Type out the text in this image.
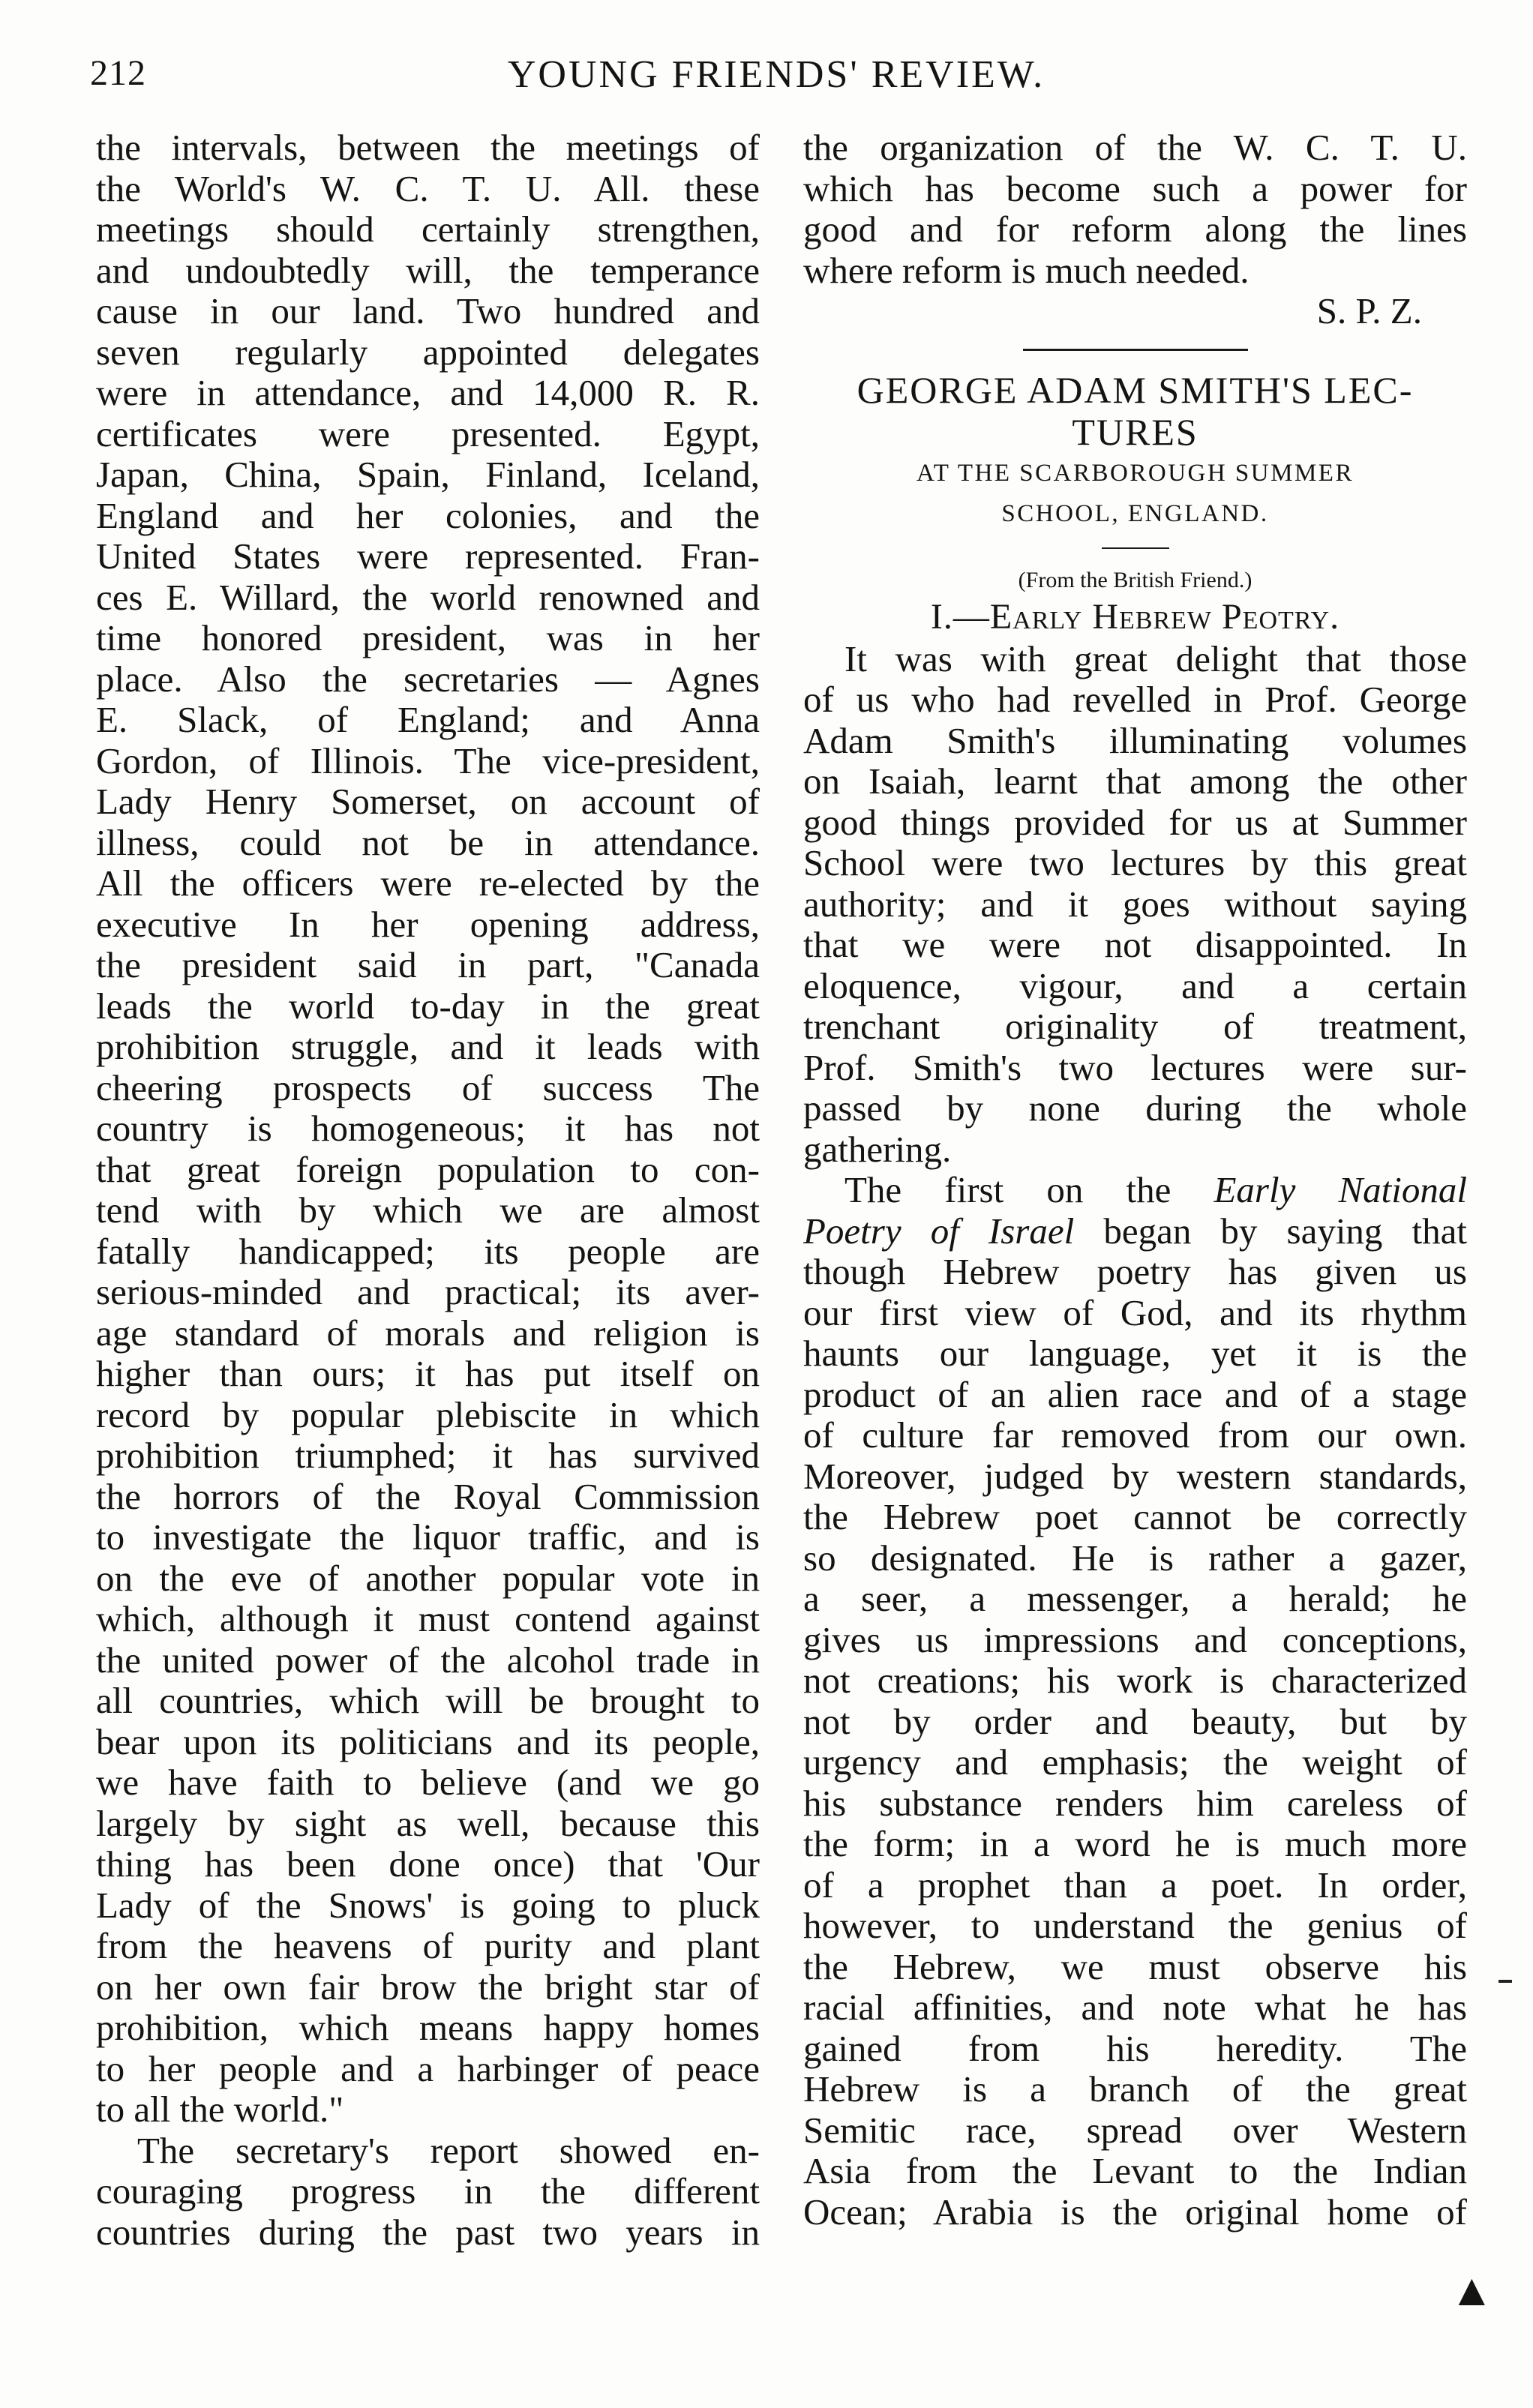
212	YOUNG FRIENDS' REVIEW.
the intervals, between the meetings of
the World's W. C. T. U. All. these
meetings should certainly strengthen,
and undoubtedly will, the temperance
cause in our land. Two hundred and
seven regularly appointed delegates
were in attendance, and 14,000 R. R.
certificates were presented. Egypt,
Japan, China, Spain, Finland, Iceland,
England and her colonies, and the
United States were represented. Fran-
ces E. Willard, the world renowned and
time honored president, was in her
place. Also the secretaries — Agnes
E. Slack, of England; and Anna
Gordon, of Illinois. The vice-president,
Lady Henry Somerset, on account of
illness, could not be in attendance.
All the officers were re-elected by the
executive In her opening address,
the president said in part, "Canada
leads the world to-day in the great
prohibition struggle, and it leads with
cheering prospects of success The
country is homogeneous; it has not
that great foreign population to con-
tend with by which we are almost
fatally handicapped; its people are
serious-minded and practical; its aver-
age standard of morals and religion is
higher than ours; it has put itself on
record by popular plebiscite in which
prohibition triumphed; it has survived
the horrors of the Royal Commission
to investigate the liquor traffic, and is
on the eve of another popular vote in
which, although it must contend against
the united power of the alcohol trade in
all countries, which will be brought to
bear upon its politicians and its people,
we have faith to believe (and we go
largely by sight as well, because this
thing has been done once) that 'Our
Lady of the Snows' is going to pluck
from the heavens of purity and plant
on her own fair brow the bright star of
prohibition, which means happy homes
to her people and a harbinger of peace
to all the world."
The secretary's report showed en-
couraging progress in the different
countries during the past two years in
the organization of the W. C. T. U.
which has become such a power for
good and for reform along the lines
where reform is much needed.
S. P. Z.
GEORGE ADAM SMITH'S LEC-
TURES
AT THE SCARBOROUGH SUMMER
SCHOOL, ENGLAND.
(From the British Friend.)
I.—Early Hebrew Peotry.
It was with great delight that those
of us who had revelled in Prof. George
Adam Smith's illuminating volumes
on Isaiah, learnt that among the other
good things provided for us at Summer
School were two lectures by this great
authority; and it goes without saying
that we were not disappointed. In
eloquence, vigour, and a certain
trenchant originality of treatment,
Prof. Smith's two lectures were sur-
passed by none during the whole
gathering.
The first on the Early National
Poetry of Israel began by saying that
though Hebrew poetry has given us
our first view of God, and its rhythm
haunts our language, yet it is the
product of an alien race and of a stage
of culture far removed from our own.
Moreover, judged by western standards,
the Hebrew poet cannot be correctly
so designated. He is rather a gazer,
a seer, a messenger, a herald; he
gives us impressions and conceptions,
not creations; his work is characterized
not by order and beauty, but by
urgency and emphasis; the weight of
his substance renders him careless of
the form; in a word he is much more
of a prophet than a poet. In order,
however, to understand the genius of
the Hebrew, we must observe his
racial affinities, and note what he has
gained from his heredity. The
Hebrew is a branch of the great
Semitic race, spread over Western
Asia from the Levant to the Indian
Ocean; Arabia is the original home of
▲
